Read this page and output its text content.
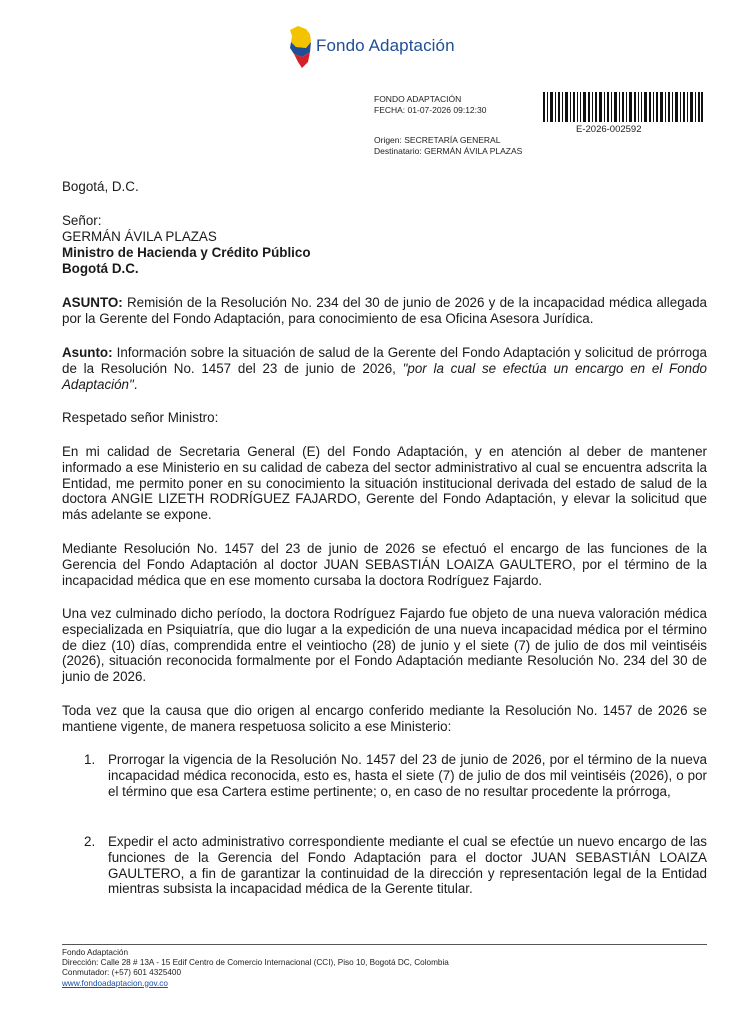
Fondo Adaptación
FONDO ADAPTACIÓN
FECHA: 01-07-2026 09:12:30
E-2026-002592
Origen: SECRETARÍA GENERAL
Destinatario: GERMÁN ÁVILA PLAZAS
Bogotá, D.C.
Señor:
GERMÁN ÁVILA PLAZAS
Ministro de Hacienda y Crédito Público
Bogotá D.C.
ASUNTO: Remisión de la Resolución No. 234 del 30 de junio de 2026 y de la incapacidad médica allegada por la Gerente del Fondo Adaptación, para conocimiento de esa Oficina Asesora Jurídica.
Asunto: Información sobre la situación de salud de la Gerente del Fondo Adaptación y solicitud de prórroga de la Resolución No. 1457 del 23 de junio de 2026, "por la cual se efectúa un encargo en el Fondo Adaptación".
Respetado señor Ministro:
En mi calidad de Secretaria General (E) del Fondo Adaptación, y en atención al deber de mantener informado a ese Ministerio en su calidad de cabeza del sector administrativo al cual se encuentra adscrita la Entidad, me permito poner en su conocimiento la situación institucional derivada del estado de salud de la doctora ANGIE LIZETH RODRÍGUEZ FAJARDO, Gerente del Fondo Adaptación, y elevar la solicitud que más adelante se expone.
Mediante Resolución No. 1457 del 23 de junio de 2026 se efectuó el encargo de las funciones de la Gerencia del Fondo Adaptación al doctor JUAN SEBASTIÁN LOAIZA GAULTERO, por el término de la incapacidad médica que en ese momento cursaba la doctora Rodríguez Fajardo.
Una vez culminado dicho período, la doctora Rodríguez Fajardo fue objeto de una nueva valoración médica especializada en Psiquiatría, que dio lugar a la expedición de una nueva incapacidad médica por el término de diez (10) días, comprendida entre el veintiocho (28) de junio y el siete (7) de julio de dos mil veintiséis (2026), situación reconocida formalmente por el Fondo Adaptación mediante Resolución No. 234 del 30 de junio de 2026.
Toda vez que la causa que dio origen al encargo conferido mediante la Resolución No. 1457 de 2026 se mantiene vigente, de manera respetuosa solicito a ese Ministerio:
1. Prorrogar la vigencia de la Resolución No. 1457 del 23 de junio de 2026, por el término de la nueva incapacidad médica reconocida, esto es, hasta el siete (7) de julio de dos mil veintiséis (2026), o por el término que esa Cartera estime pertinente; o, en caso de no resultar procedente la prórroga,
2. Expedir el acto administrativo correspondiente mediante el cual se efectúe un nuevo encargo de las funciones de la Gerencia del Fondo Adaptación para el doctor JUAN SEBASTIÁN LOAIZA GAULTERO, a fin de garantizar la continuidad de la dirección y representación legal de la Entidad mientras subsista la incapacidad médica de la Gerente titular.
Fondo Adaptación
Dirección: Calle 28 # 13A - 15 Edif Centro de Comercio Internacional (CCI), Piso 10, Bogotá DC, Colombia
Conmutador: (+57) 601 4325400
www.fondoadaptacion.gov.co
